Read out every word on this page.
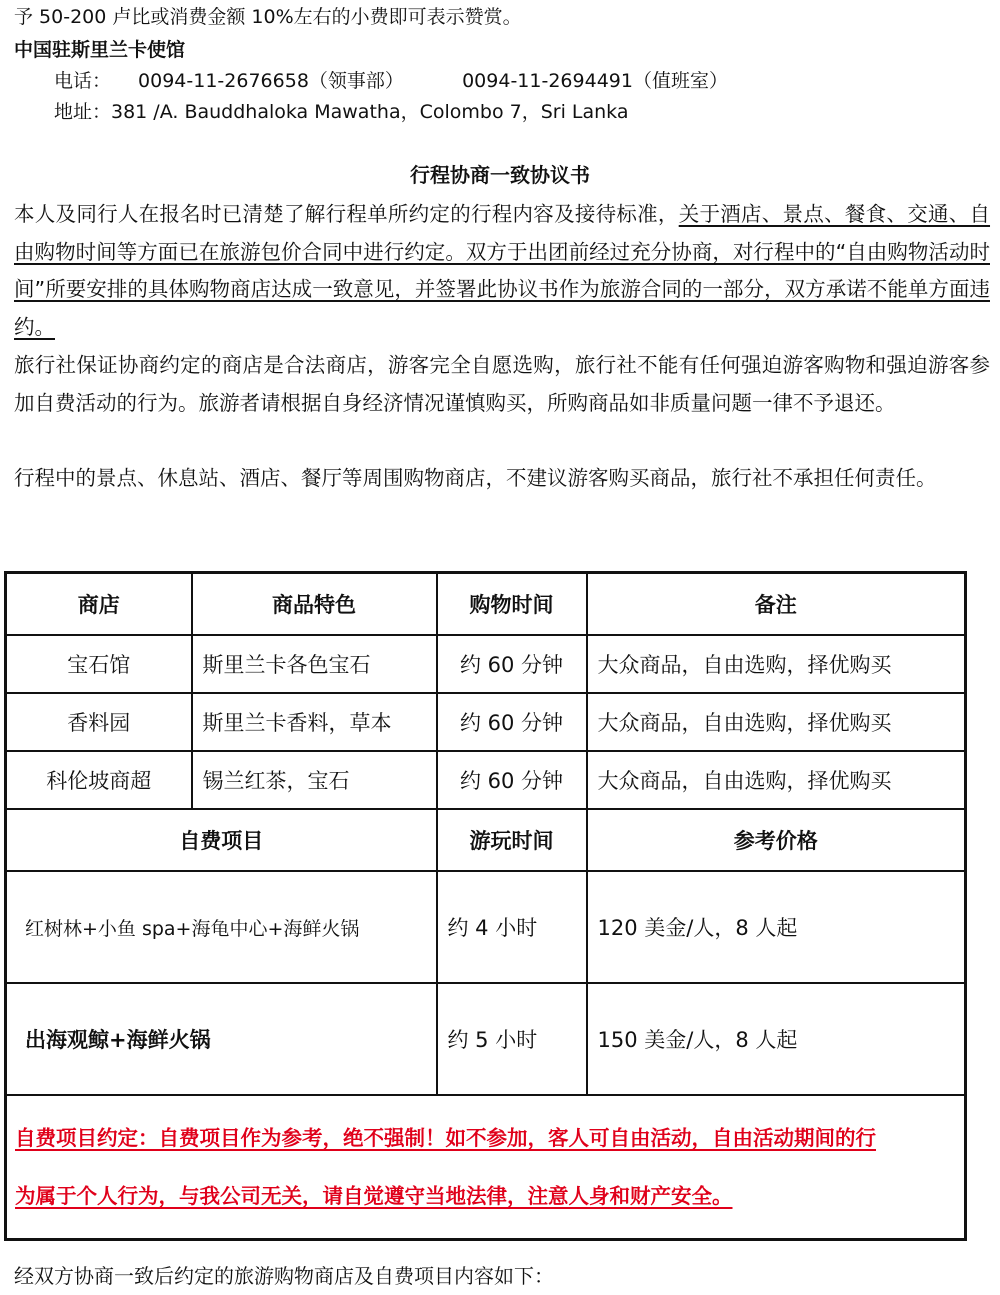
予 50-200 卢比或消费金额 10%左右的小费即可表示赞赏。
中国驻斯里兰卡使馆
电话： 0094-11-2676658（领事部）	0094-11-2694491（值班室）
地址：381 /A. Bauddhaloka Mawatha，Colombo 7，Sri Lanka
行程协商一致协议书
本人及同行人在报名时已清楚了解行程单所约定的行程内容及接待标准，关于酒店、景点、餐食、交通、自由购物时间等方面已在旅游包价合同中进行约定。双方于出团前经过充分协商，对行程中的“自由购物活动时间”所要安排的具体购物商店达成一致意见，并签署此协议书作为旅游合同的一部分，双方承诺不能单方面违约。
旅行社保证协商约定的商店是合法商店，游客完全自愿选购，旅行社不能有任何强迫游客购物和强迫游客参加自费活动的行为。旅游者请根据自身经济情况谨慎购买，所购商品如非质量问题一律不予退还。
行程中的景点、休息站、酒店、餐厅等周围购物商店，不建议游客购买商品，旅行社不承担任何责任。
商店	商品特色	购物时间	备注
宝石馆	斯里兰卡各色宝石	约 60 分钟	大众商品，自由选购，择优购买
香料园	斯里兰卡香料，草本	约 60 分钟	大众商品，自由选购，择优购买
科伦坡商超	锡兰红茶，宝石	约 60 分钟	大众商品，自由选购，择优购买
自费项目		游玩时间	参考价格
红树林+小鱼 spa+海龟中心+海鲜火锅		约 4 小时	120 美金/人，8 人起
出海观鲸+海鲜火锅		约 5 小时	150 美金/人，8 人起
自费项目约定：自费项目作为参考，绝不强制！如不参加，客人可自由活动，自由活动期间的行
为属于个人行为，与我公司无关，请自觉遵守当地法律，注意人身和财产安全。			
经双方协商一致后约定的旅游购物商店及自费项目内容如下：
